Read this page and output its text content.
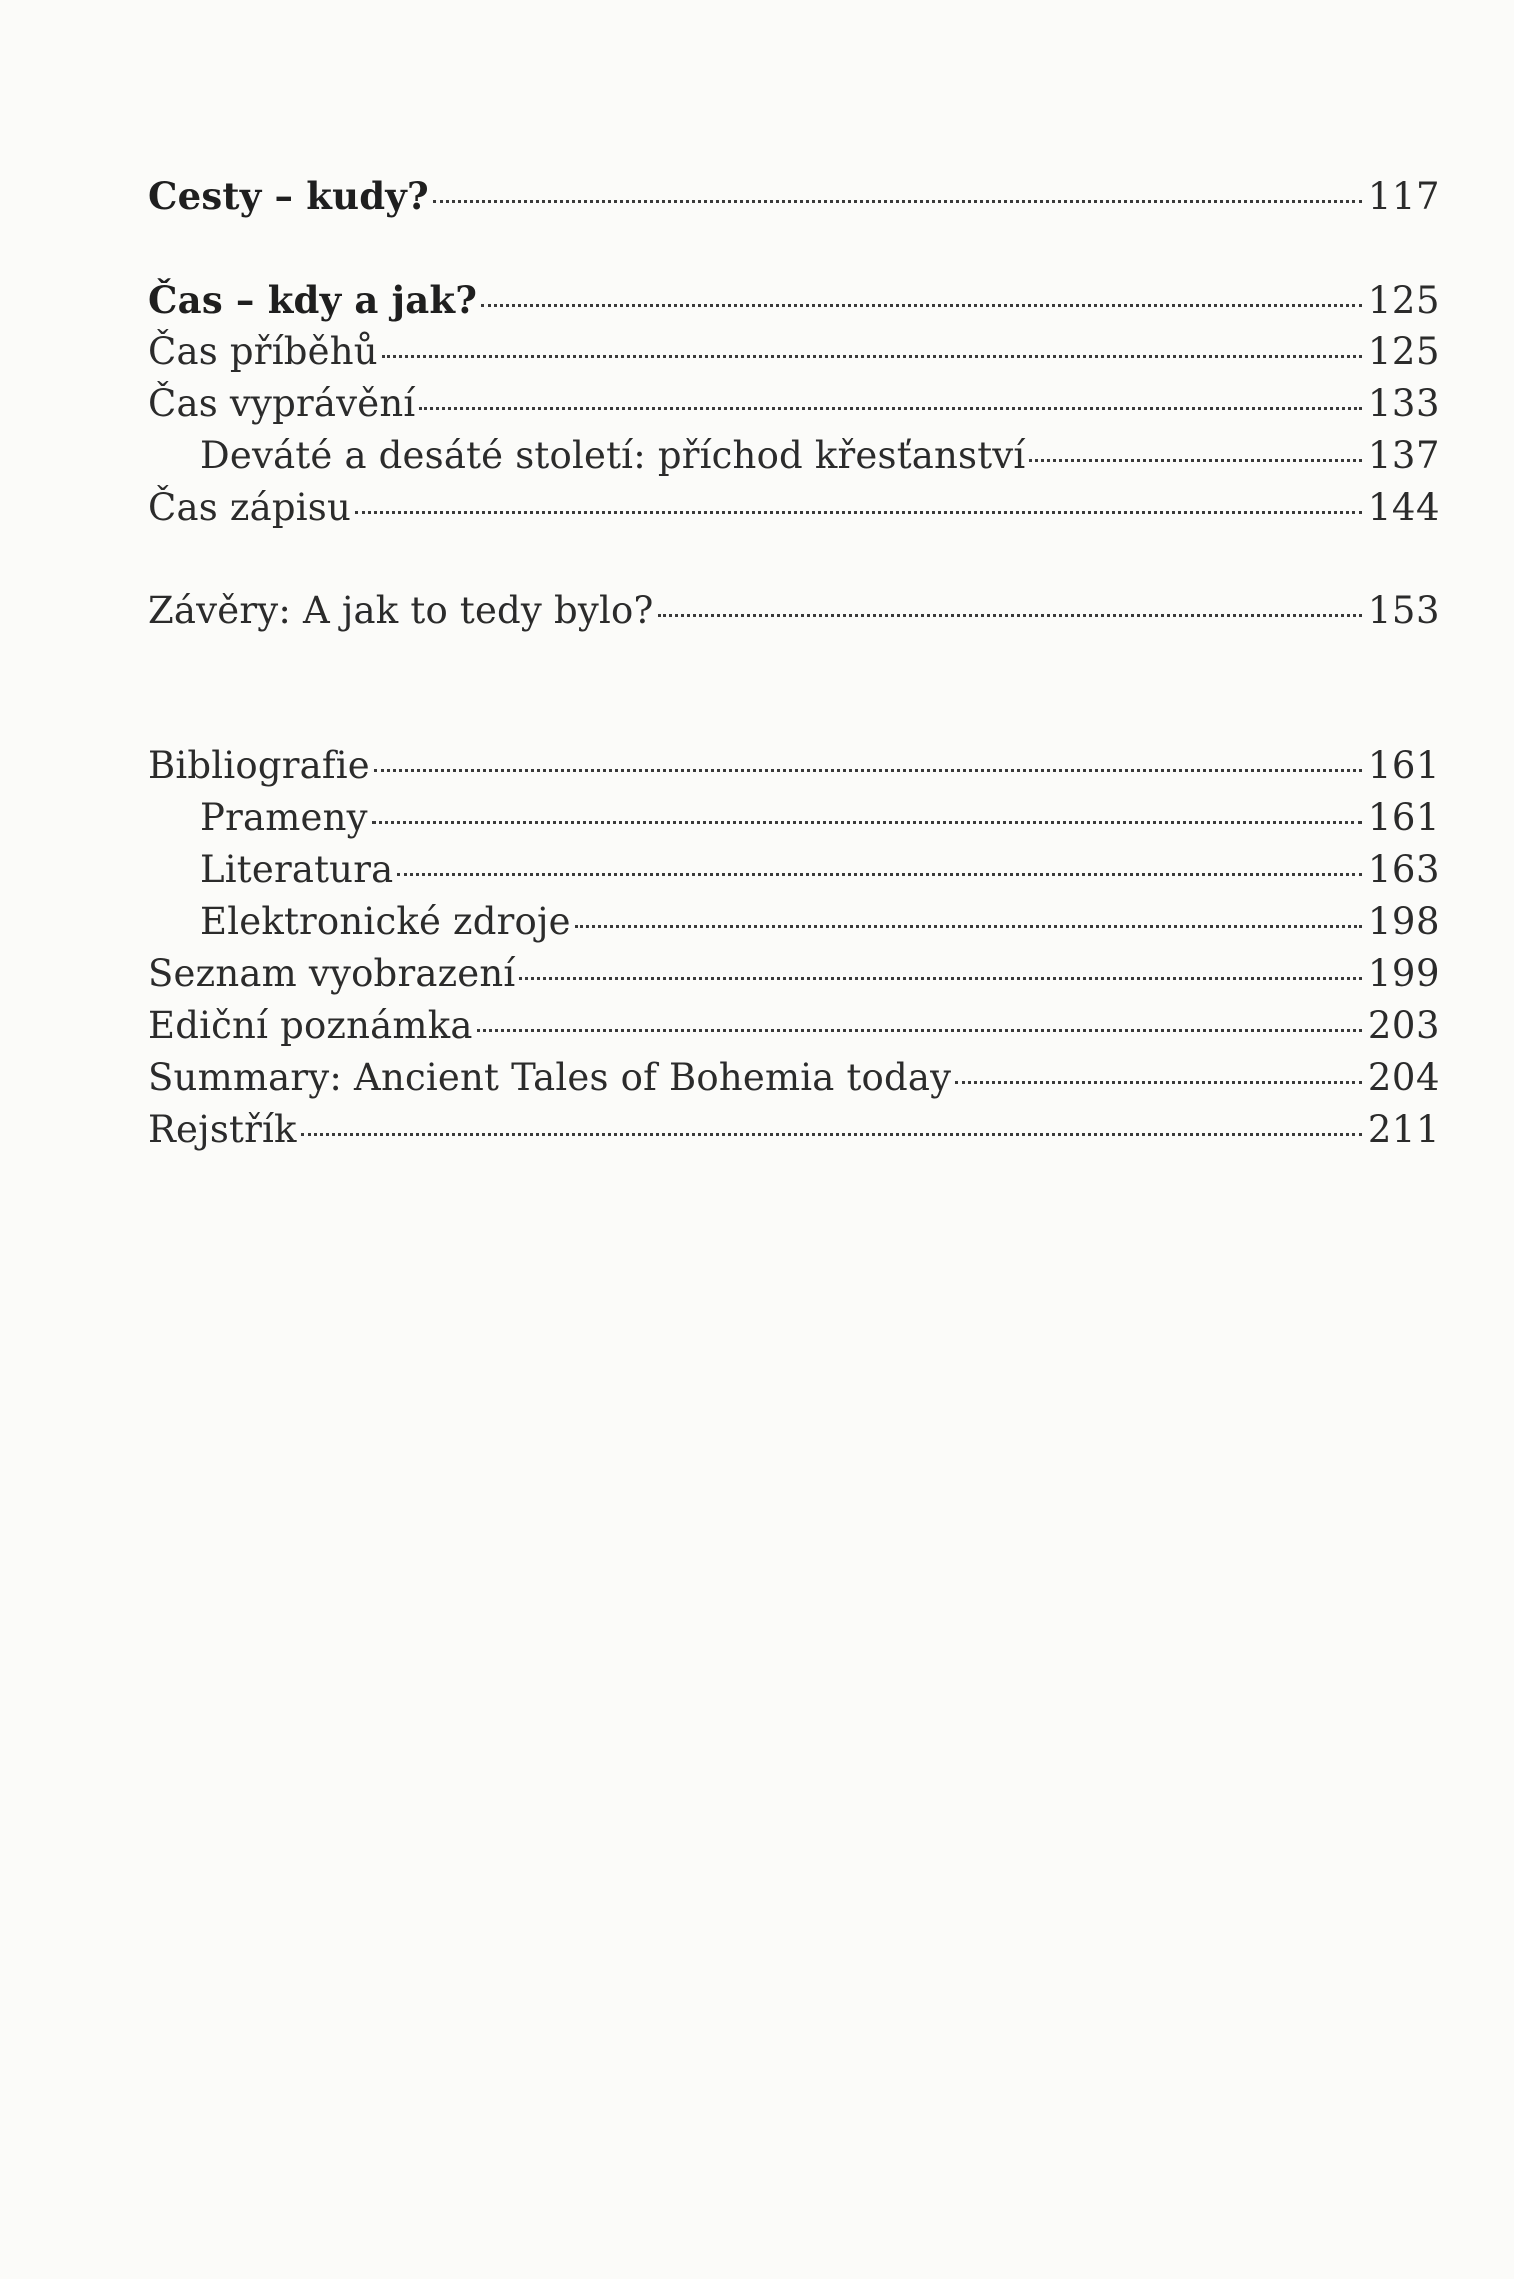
Cesty – kudy?	117
Čas – kdy a jak?	125
Čas příběhů	125
Čas vyprávění	133
Deváté a desáté století: příchod křesťanství	137
Čas zápisu	144
Závěry: A jak to tedy bylo?	153
Bibliografie	161
Prameny	161
Literatura	163
Elektronické zdroje	198
Seznam vyobrazení	199
Ediční poznámka	203
Summary: Ancient Tales of Bohemia today	204
Rejstřík	211
